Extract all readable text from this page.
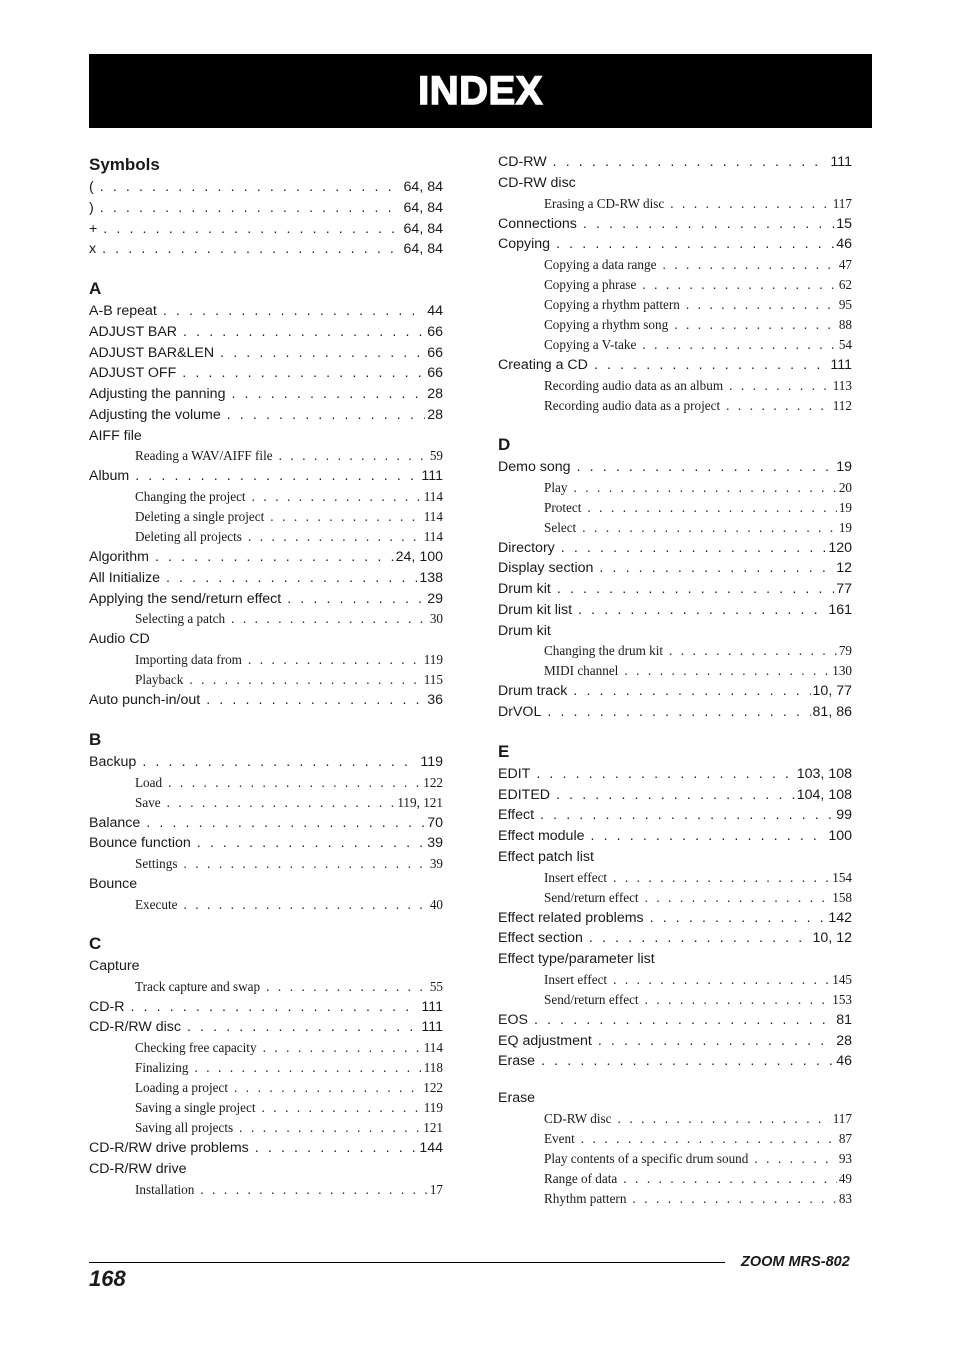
INDEX
Symbols
( . . .	64, 84
) . . .	64, 84
+ . . .	64, 84
x . . .	64, 84
A
A-B repeat . . .	44
ADJUST BAR . . .	66
ADJUST BAR&LEN . . .	66
ADJUST OFF . . .	66
Adjusting the panning . . .	28
Adjusting the volume . . .	28
AIFF file
Reading a WAV/AIFF file . . .	59
Album . . .	111
Changing the project . . .	114
Deleting a single project . . .	114
Deleting all projects . . .	114
Algorithm . . .	24, 100
All Initialize . . .	138
Applying the send/return effect . . .	29
Selecting a patch . . .	30
Audio CD
Importing data from . . .	119
Playback . . .	115
Auto punch-in/out . . .	36
B
Backup . . .	119
Load . . .	122
Save . . .	119, 121
Balance . . .	70
Bounce function . . .	39
Settings . . .	39
Bounce
Execute . . .	40
C
Capture
Track capture and swap . . .	55
CD-R . . .	111
CD-R/RW disc . . .	111
Checking free capacity . . .	114
Finalizing . . .	118
Loading a project . . .	122
Saving a single project . . .	119
Saving all projects . . .	121
CD-R/RW drive problems . . .	144
CD-R/RW drive
Installation . . .	17
CD-RW . . .	111
CD-RW disc
Erasing a CD-RW disc . . .	117
Connections . . .	15
Copying . . .	46
Copying a data range . . .	47
Copying a phrase . . .	62
Copying a rhythm pattern . . .	95
Copying a rhythm song . . .	88
Copying a V-take . . .	54
Creating a CD . . .	111
Recording audio data as an album . . .	113
Recording audio data as a project . . .	112
D
Demo song . . .	19
Play . . .	20
Protect . . .	19
Select . . .	19
Directory . . .	120
Display section . . .	12
Drum kit . . .	77
Drum kit list . . .	161
Drum kit
Changing the drum kit . . .	79
MIDI channel . . .	130
Drum track . . .	10, 77
DrVOL . . .	81, 86
E
EDIT . . .	103, 108
EDITED . . .	104, 108
Effect . . .	99
Effect module . . .	100
Effect patch list
Insert effect . . .	154
Send/return effect . . .	158
Effect related problems . . .	142
Effect section . . .	10, 12
Effect type/parameter list
Insert effect . . .	145
Send/return effect . . .	153
EOS . . .	81
EQ adjustment . . .	28
Erase . . .	46
Erase
CD-RW disc . . .	117
Event . . .	87
Play contents of a specific drum sound . . .	93
Range of data . . .	49
Rhythm pattern . . .	83
168
ZOOM MRS-802
